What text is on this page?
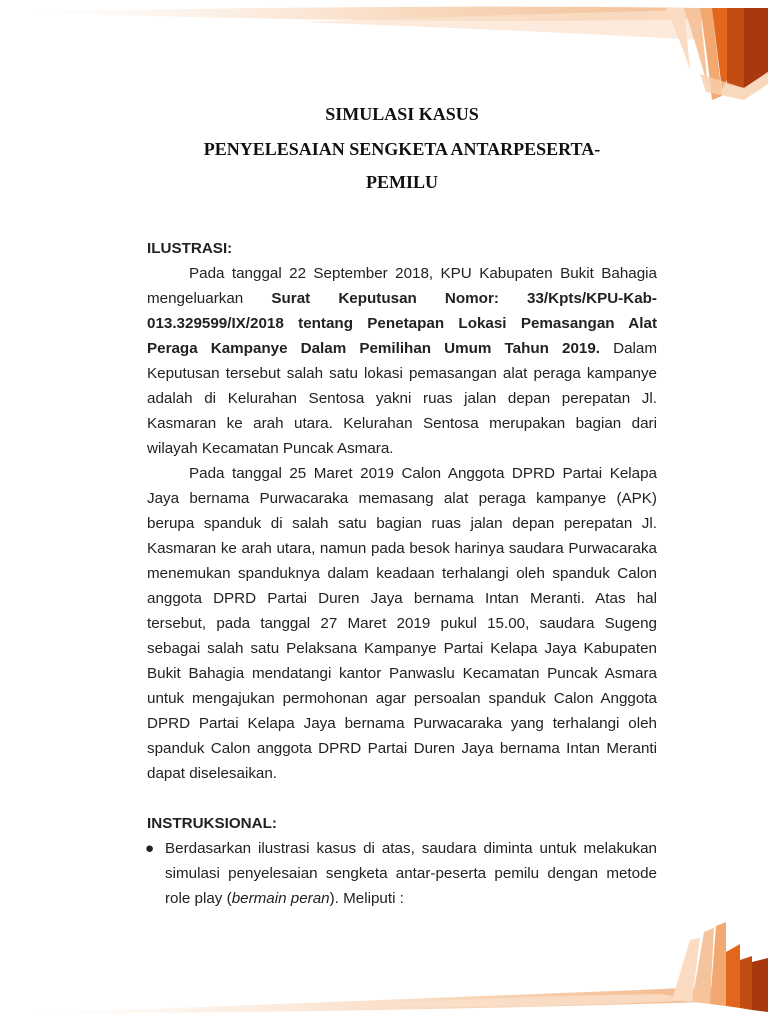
SIMULASI KASUS
PENYELESAIAN SENGKETA ANTARPESERTA-
PEMILU

ILUSTRASI:

Pada tanggal 22 September 2018, KPU Kabupaten Bukit Bahagia mengeluarkan Surat Keputusan Nomor: 33/Kpts/KPU-Kab-013.329599/IX/2018 tentang Penetapan Lokasi Pemasangan Alat Peraga Kampanye Dalam Pemilihan Umum Tahun 2019. Dalam Keputusan tersebut salah satu lokasi pemasangan alat peraga kampanye adalah di Kelurahan Sentosa yakni ruas jalan depan perepatan Jl. Kasmaran ke arah utara. Kelurahan Sentosa merupakan bagian dari wilayah Kecamatan Puncak Asmara.

Pada tanggal 25 Maret 2019 Calon Anggota DPRD Partai Kelapa Jaya bernama Purwacaraka memasang alat peraga kampanye (APK) berupa spanduk di salah satu bagian ruas jalan depan perepatan Jl. Kasmaran ke arah utara, namun pada besok harinya saudara Purwacaraka menemukan spanduknya dalam keadaan terhalangi oleh spanduk Calon anggota DPRD Partai Duren Jaya bernama Intan Meranti. Atas hal tersebut, pada tanggal 27 Maret 2019 pukul 15.00, saudara Sugeng sebagai salah satu Pelaksana Kampanye Partai Kelapa Jaya Kabupaten Bukit Bahagia mendatangi kantor Panwaslu Kecamatan Puncak Asmara untuk mengajukan permohonan agar persoalan spanduk Calon Anggota DPRD Partai Kelapa Jaya bernama Purwacaraka yang terhalangi oleh spanduk Calon anggota DPRD Partai Duren Jaya bernama Intan Meranti dapat diselesaikan.

INSTRUKSIONAL:

● Berdasarkan ilustrasi kasus di atas, saudara diminta untuk melakukan simulasi penyelesaian sengketa antar-peserta pemilu dengan metode role play (bermain peran). Meliputi :
